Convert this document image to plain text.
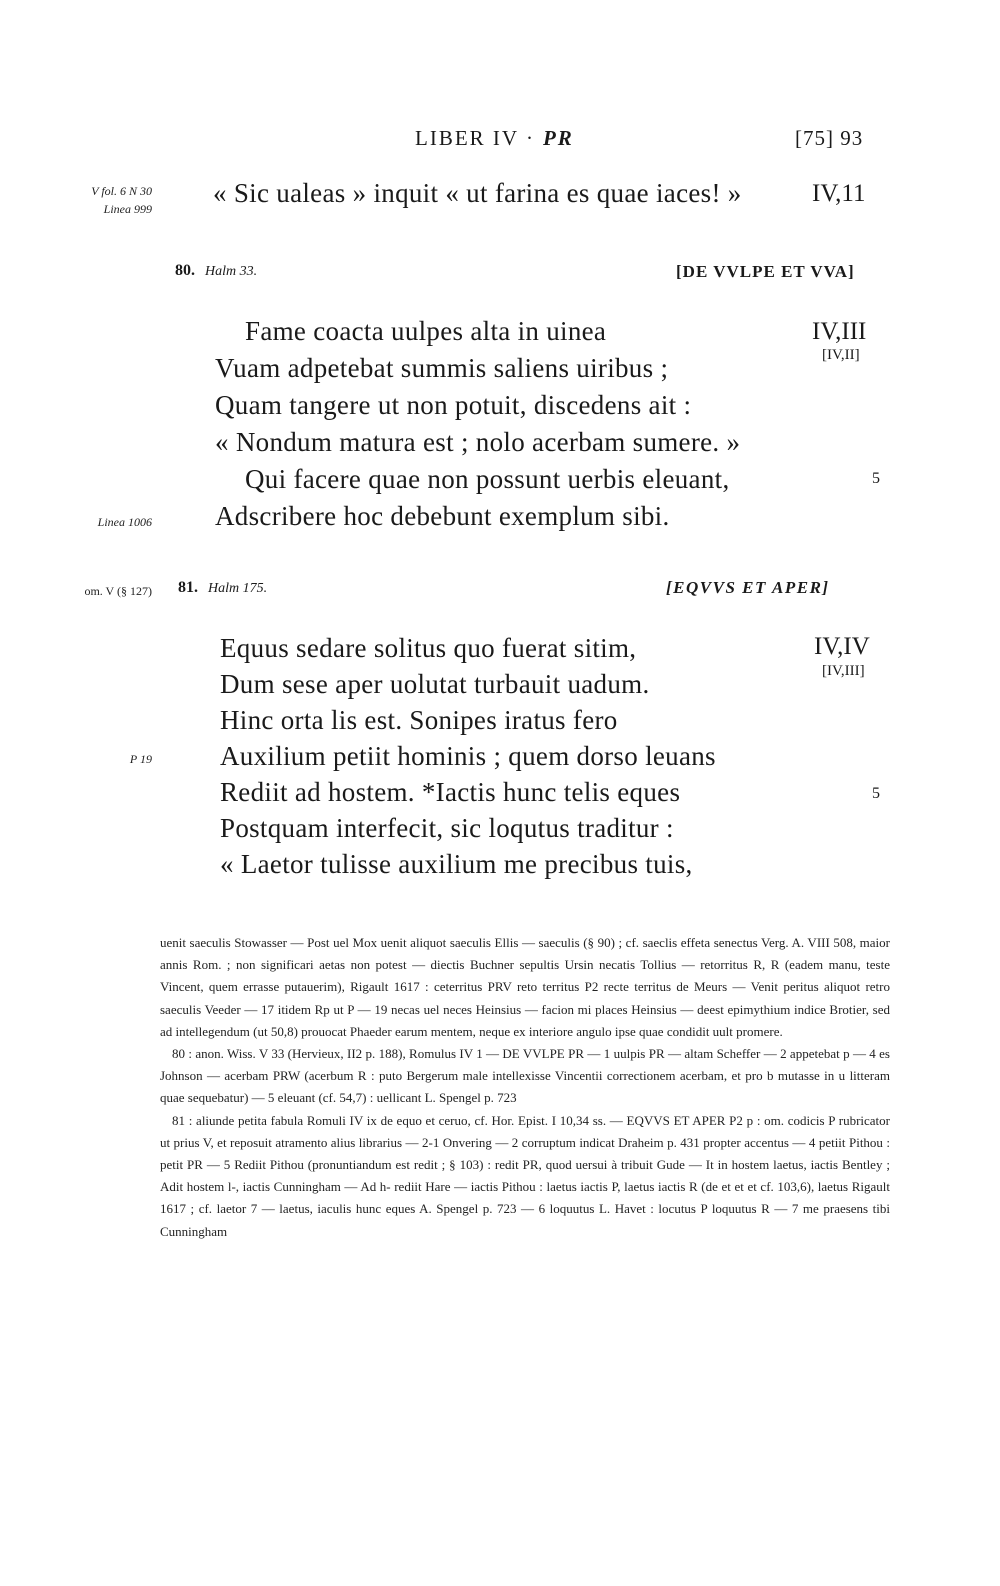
LIBER IV · PR	[75] 93
V fol. 6 N 30
Linea 999
Linea 1006
om. V (§ 127)
P 19
« Sic ualeas » inquit « ut farina es quae iaces! »	IV,11
80. Halm 33.	[DE VVLPE ET VVA]
Fame coacta uulpes alta in uinea
Vuam adpetebat summis saliens uiribus ;
Quam tangere ut non potuit, discedens ait :
« Nondum matura est ; nolo acerbam sumere. »
Qui facere quae non possunt uerbis eleuant,
Adscribere hoc debebunt exemplum sibi.
IV,III
[IV,II]
5
81. Halm 175.	[EQVVS ET APER]
Equus sedare solitus quo fuerat sitim,
Dum sese aper uolutat turbauit uadum.
Hinc orta lis est. Sonipes iratus fero
Auxilium petiit hominis ; quem dorso leuans
Rediit ad hostem. *Iactis hunc telis eques
Postquam interfecit, sic loqutus traditur :
« Laetor tulisse auxilium me precibus tuis,
IV,IV
[IV,III]
5

uenit saeculis Stowasser — Post uel Mox uenit aliquot saeculis Ellis — saeculis (§ 90) ; cf. saeclis effeta senectus Verg. A. VIII 508, maior annis Rom. ; non significari aetas non potest — diectis Buchner sepultis Ursin necatis Tollius — retorritus R, R (eadem manu, teste Vincent, quem errasse putauerim), Rigault 1617 : ceterritus PRV reto territus P2 recte territus de Meurs — Venit peritus aliquot retro saeculis Veeder — 17 itidem Rp ut P — 19 necas uel neces Heinsius — facion mi places Heinsius — deest epimythium indice Brotier, sed ad intellegendum (ut 50,8) prouocat Phaeder earum mentem, neque ex interiore angulo ipse quae condidit uult promere.

80 : anon. Wiss. V 33 (Hervieux, II2 p. 188), Romulus IV 1 — DE VVLPE PR — 1 uulpis PR — altam Scheffer — 2 appetebat p — 4 es Johnson — acerbam PRW (acerbum R : puto Bergerum male intellexisse Vincentii correctionem acerbam, et pro b mutasse in u litteram quae sequebatur) — 5 eleuant (cf. 54,7) : uellicant L. Spengel p. 723

81 : aliunde petita fabula Romuli IV ix de equo et ceruo, cf. Hor. Epist. I 10,34 ss. — EQVVS ET APER P2 p : om. codicis P rubricator ut prius V, et reposuit atramento alius librarius — 2-1 Onvering — 2 corruptum indicat Draheim p. 431 propter accentus — 4 petiit Pithou : petit PR — 5 Rediit Pithou (pronuntiandum est redit ; § 103) : redit PR, quod uersui à tribuit Gude — It in hostem laetus, iactis Bentley ; Adit hostem l-, iactis Cunningham — Ad h- rediit Hare — iactis Pithou : laetus iactis P, laetus iactis R (de et et et cf. 103,6), laetus Rigault 1617 ; cf. laetor 7 — laetus, iaculis hunc eques A. Spengel p. 723 — 6 loquutus L. Havet : locutus P loquutus R — 7 me praesens tibi Cunningham
